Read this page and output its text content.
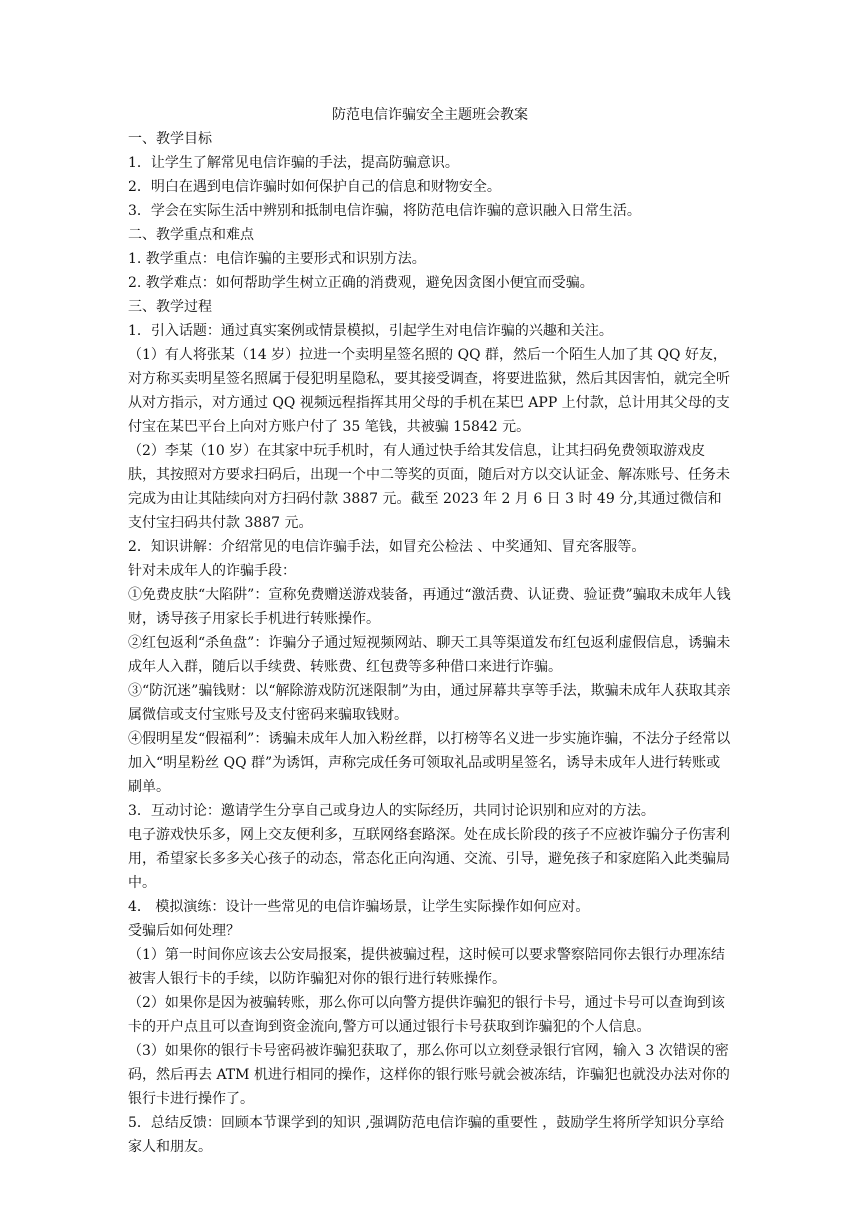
防范电信诈骗安全主题班会教案

一、教学目标

1．让学生了解常见电信诈骗的手法，提高防骗意识。

2．明白在遇到电信诈骗时如何保护自己的信息和财物安全。

3．学会在实际生活中辨别和抵制电信诈骗，将防范电信诈骗的意识融入日常生活。

二、教学重点和难点

1. 教学重点：电信诈骗的主要形式和识别方法。

2. 教学难点：如何帮助学生树立正确的消费观，避免因贪图小便宜而受骗。

三、教学过程

1．引入话题：通过真实案例或情景模拟，引起学生对电信诈骗的兴趣和关注。

（1）有人将张某（14 岁）拉进一个卖明星签名照的 QQ 群，然后一个陌生人加了其 QQ 好友，对方称买卖明星签名照属于侵犯明星隐私，要其接受调查，将要进监狱，然后其因害怕，就完全听从对方指示，对方通过 QQ 视频远程指挥其用父母的手机在某巴 APP 上付款，总计用其父母的支付宝在某巴平台上向对方账户付了 35 笔钱，共被骗 15842 元。

（2）李某（10 岁）在其家中玩手机时，有人通过快手给其发信息，让其扫码免费领取游戏皮肤，其按照对方要求扫码后，出现一个中二等奖的页面，随后对方以交认证金、解冻账号、任务未完成为由让其陆续向对方扫码付款 3887 元。截至 2023 年 2 月 6 日 3 时 49 分,其通过微信和支付宝扫码共付款 3887 元。

2．知识讲解：介绍常见的电信诈骗手法，如冒充公检法 、中奖通知、冒充客服等。

针对未成年人的诈骗手段：

①免费皮肤“大陷阱”：宣称免费赠送游戏装备，再通过“激活费、认证费、验证费”骗取未成年人钱财，诱导孩子用家长手机进行转账操作。

②红包返利“杀鱼盘”：诈骗分子通过短视频网站、聊天工具等渠道发布红包返利虚假信息，诱骗未成年人入群，随后以手续费、转账费、红包费等多种借口来进行诈骗。

③“防沉迷”骗钱财：以“解除游戏防沉迷限制”为由，通过屏幕共享等手法，欺骗未成年人获取其亲属微信或支付宝账号及支付密码来骗取钱财。

④假明星发“假福利”：诱骗未成年人加入粉丝群，以打榜等名义进一步实施诈骗，不法分子经常以加入“明星粉丝 QQ 群”为诱饵，声称完成任务可领取礼品或明星签名，诱导未成年人进行转账或刷单。

3．互动讨论：邀请学生分享自己或身边人的实际经历，共同讨论识别和应对的方法。

电子游戏快乐多，网上交友便利多，互联网络套路深。处在成长阶段的孩子不应被诈骗分子伤害利用，希望家长多多关心孩子的动态，常态化正向沟通、交流、引导，避免孩子和家庭陷入此类骗局中。

4． 模拟演练：设计一些常见的电信诈骗场景，让学生实际操作如何应对。

受骗后如何处理？

（1）第一时间你应该去公安局报案，提供被骗过程，这时候可以要求警察陪同你去银行办理冻结被害人银行卡的手续，以防诈骗犯对你的银行进行转账操作。

（2）如果你是因为被骗转账，那么你可以向警方提供诈骗犯的银行卡号，通过卡号可以查询到该卡的开户点且可以查询到资金流向,警方可以通过银行卡号获取到诈骗犯的个人信息。

（3）如果你的银行卡号密码被诈骗犯获取了，那么你可以立刻登录银行官网，输入 3 次错误的密码，然后再去 ATM 机进行相同的操作，这样你的银行账号就会被冻结，诈骗犯也就没办法对你的银行卡进行操作了。

5．总结反馈：回顾本节课学到的知识 ,强调防范电信诈骗的重要性 ，鼓励学生将所学知识分享给家人和朋友。
